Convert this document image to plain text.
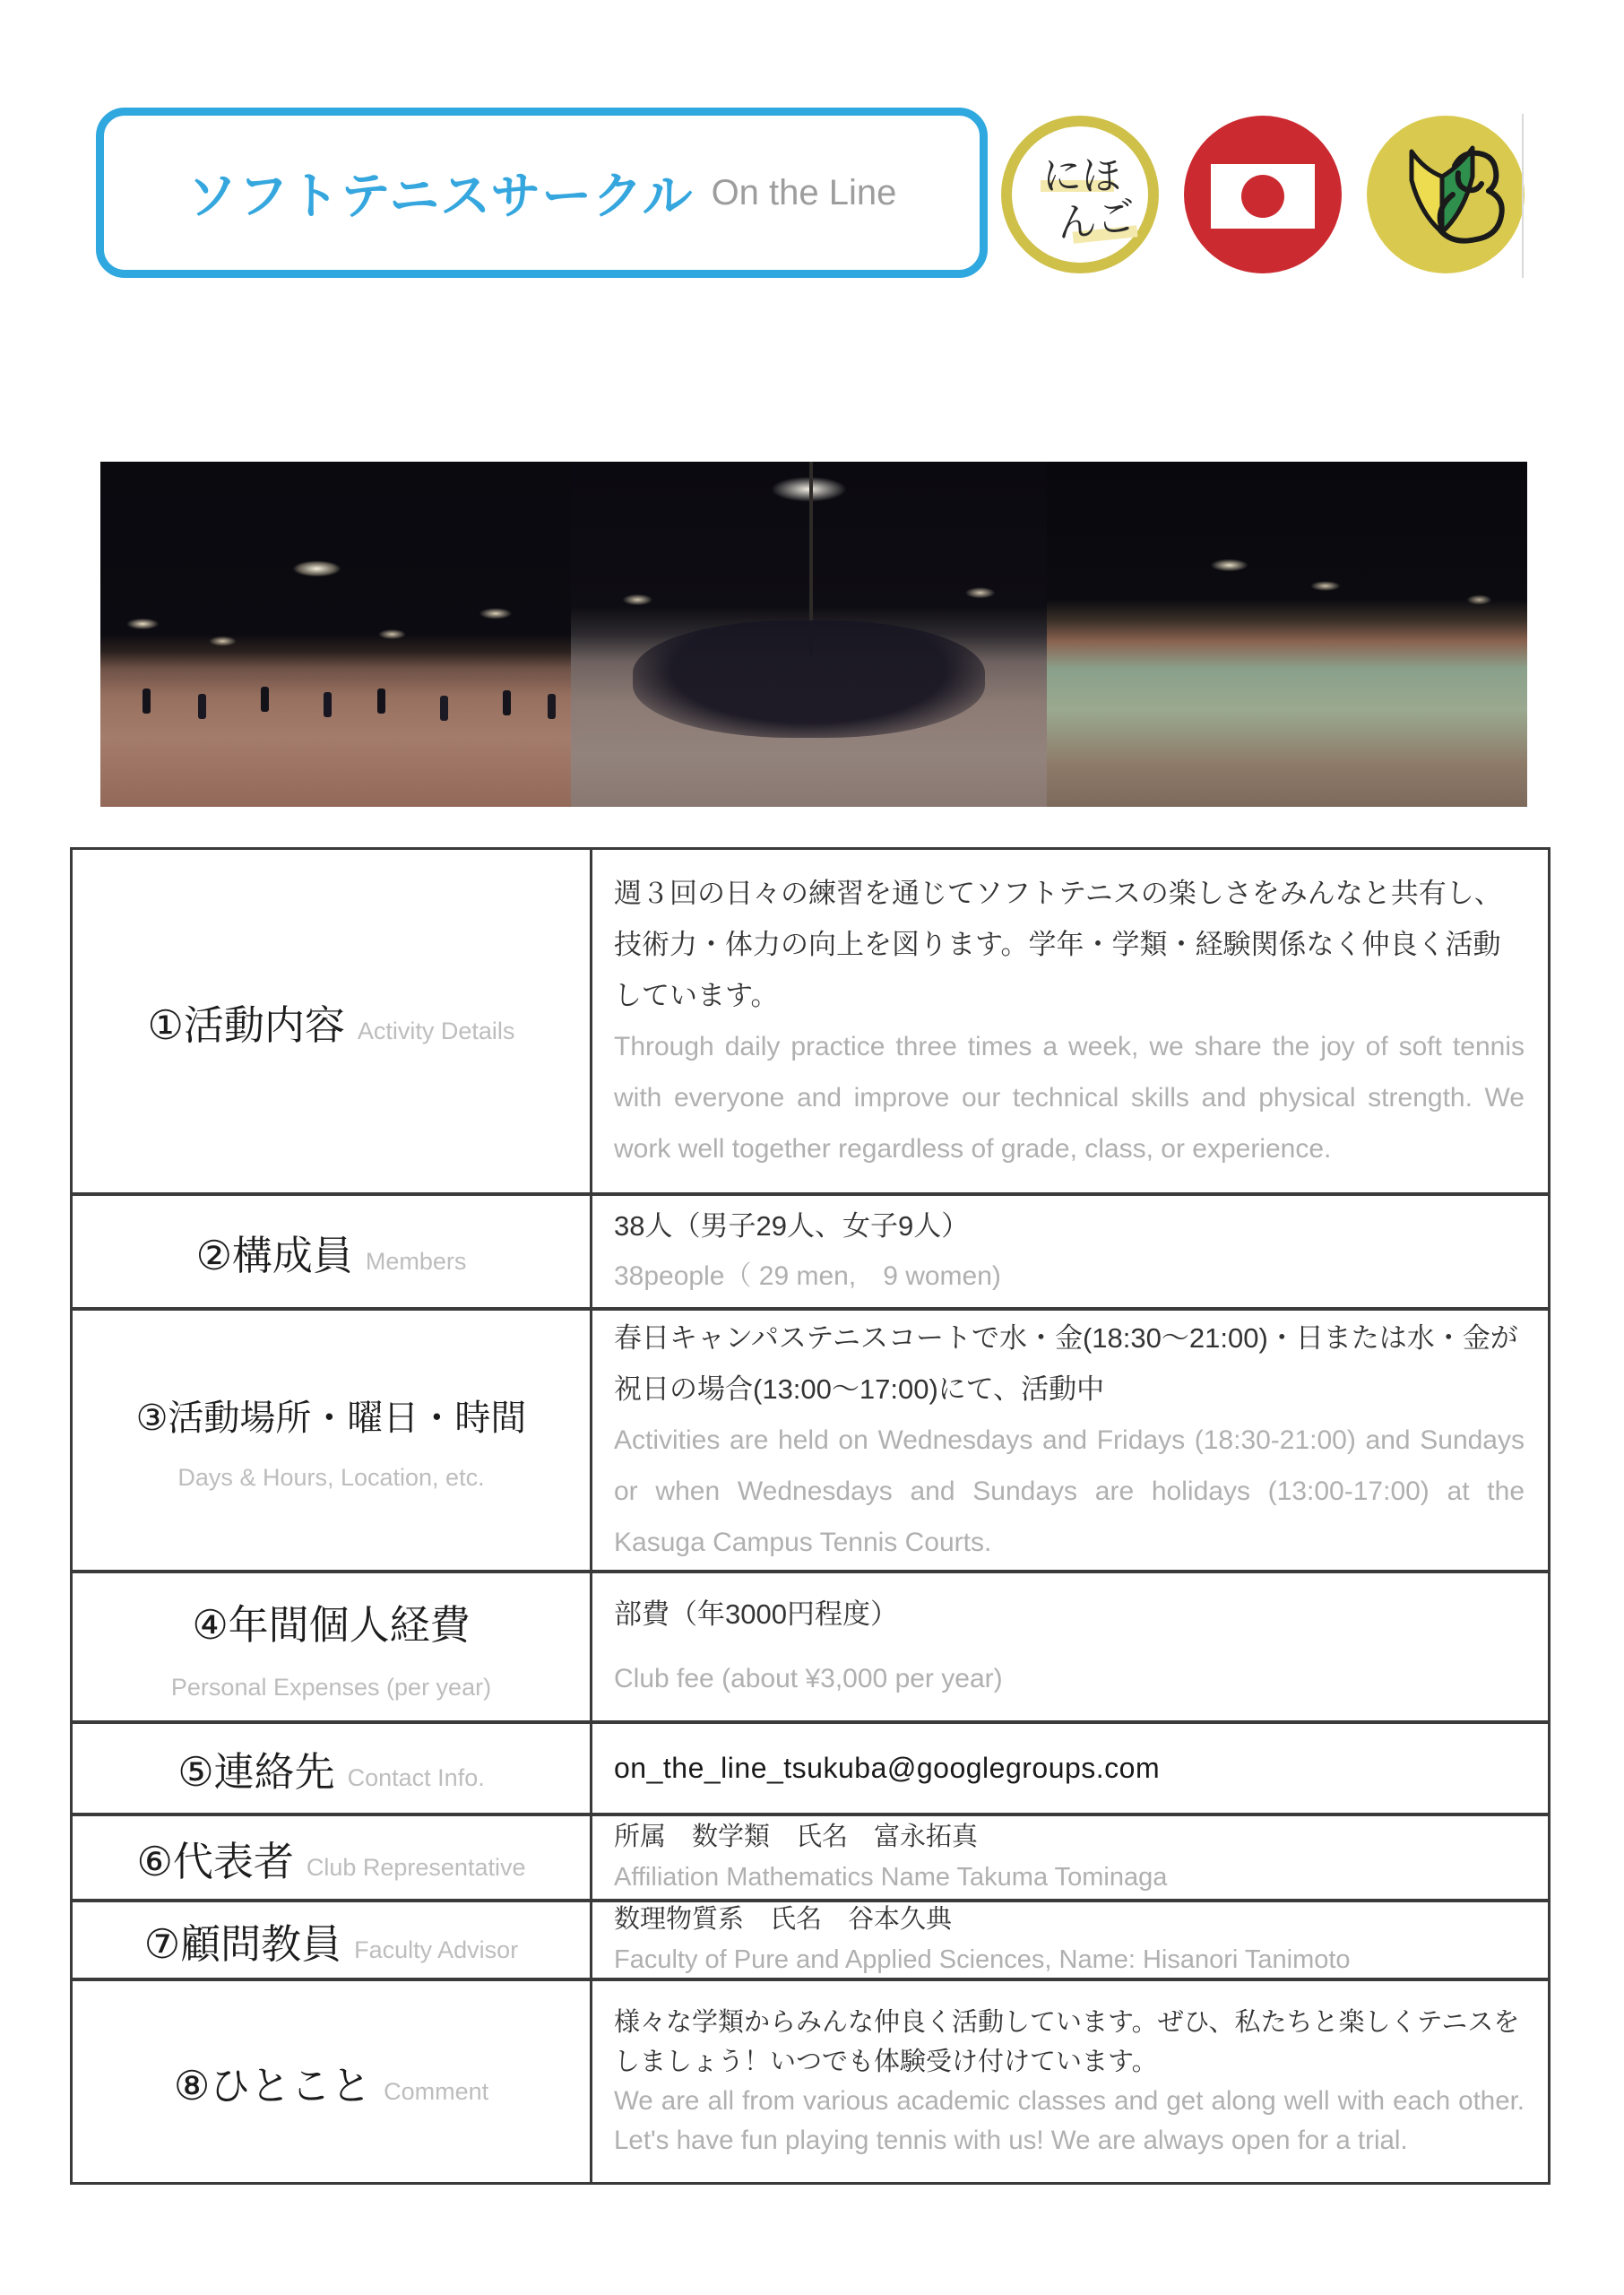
ソフトテニスサークル On the Line	にほ
んご
①活動内容 Activity Details
週３回の日々の練習を通じてソフトテニスの楽しさをみんなと共有し、技術力・体力の向上を図ります。学年・学類・経験関係なく仲良く活動しています。
Through daily practice three times a week, we share the joy of soft tennis with everyone and improve our technical skills and physical strength. We work well together regardless of grade, class, or experience.
②構成員 Members
38人（男子29人、女子9人）
38people（ 29 men,　9 women)
③活動場所・曜日・時間
Days & Hours, Location, etc.
春日キャンパステニスコートで水・金(18:30～21:00)・日または水・金が祝日の場合(13:00～17:00)にて、活動中
Activities are held on Wednesdays and Fridays (18:30-21:00) and Sundays or when Wednesdays and Sundays are holidays (13:00-17:00) at the Kasuga Campus Tennis Courts.
④年間個人経費
Personal Expenses (per year)
部費（年3000円程度）
Club fee (about ¥3,000 per year)
⑤連絡先 Contact Info.	on_the_line_tsukuba@googlegroups.com
⑥代表者 Club Representative
所属　数学類　氏名　富永拓真
Affiliation Mathematics Name Takuma Tominaga
⑦顧問教員 Faculty Advisor
数理物質系　氏名　谷本久典
Faculty of Pure and Applied Sciences, Name: Hisanori Tanimoto
⑧ひとこと Comment
様々な学類からみんな仲良く活動しています。ぜひ、私たちと楽しくテニスをしましょう！いつでも体験受け付けています。
We are all from various academic classes and get along well with each other. Let's have fun playing tennis with us! We are always open for a trial.
